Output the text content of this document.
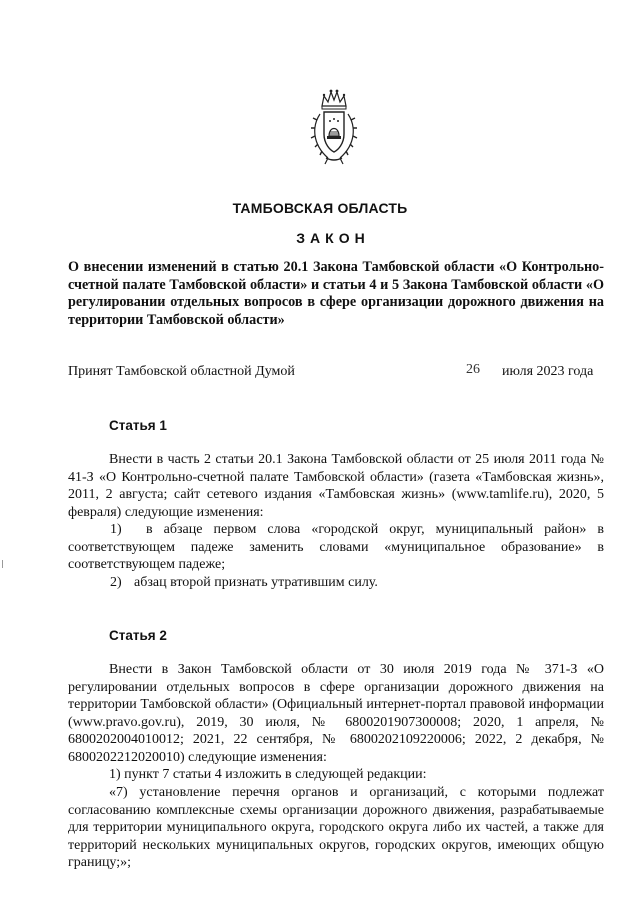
ТАМБОВСКАЯ ОБЛАСТЬ
ЗАКОН
О внесении изменений в статью 20.1 Закона Тамбовской области «О Контрольно-счетной палате Тамбовской области» и статьи 4 и 5 Закона Тамбовской области «О регулировании отдельных вопросов в сфере организации дорожного движения на территории Тамбовской области»
Принят Тамбовской областной Думой	26 июля 2023 года
Статья 1

Внести в часть 2 статьи 20.1 Закона Тамбовской области от 25 июля 2011 года № 41-З «О Контрольно-счетной палате Тамбовской области» (газета «Тамбовская жизнь», 2011, 2 августа; сайт сетевого издания «Тамбовская жизнь» (www.tamlife.ru), 2020, 5 февраля) следующие изменения:

1) в абзаце первом слова «городской округ, муниципальный район» в соответствующем падеже заменить словами «муниципальное образование» в соответствующем падеже;

2) абзац второй признать утратившим силу.

Статья 2

Внести в Закон Тамбовской области от 30 июля 2019 года № 371-З «О регулировании отдельных вопросов в сфере организации дорожного движения на территории Тамбовской области» (Официальный интернет-портал правовой информации (www.pravo.gov.ru), 2019, 30 июля, № 6800201907300008; 2020, 1 апреля, № 6800202004010012; 2021, 22 сентября, № 6800202109220006; 2022, 2 декабря, № 6800202212020010) следующие изменения:

1) пункт 7 статьи 4 изложить в следующей редакции:

«7) установление перечня органов и организаций, с которыми подлежат согласованию комплексные схемы организации дорожного движения, разрабатываемые для территории муниципального округа, городского округа либо их частей, а также для территорий нескольких муниципальных округов, городских округов, имеющих общую границу;»;
